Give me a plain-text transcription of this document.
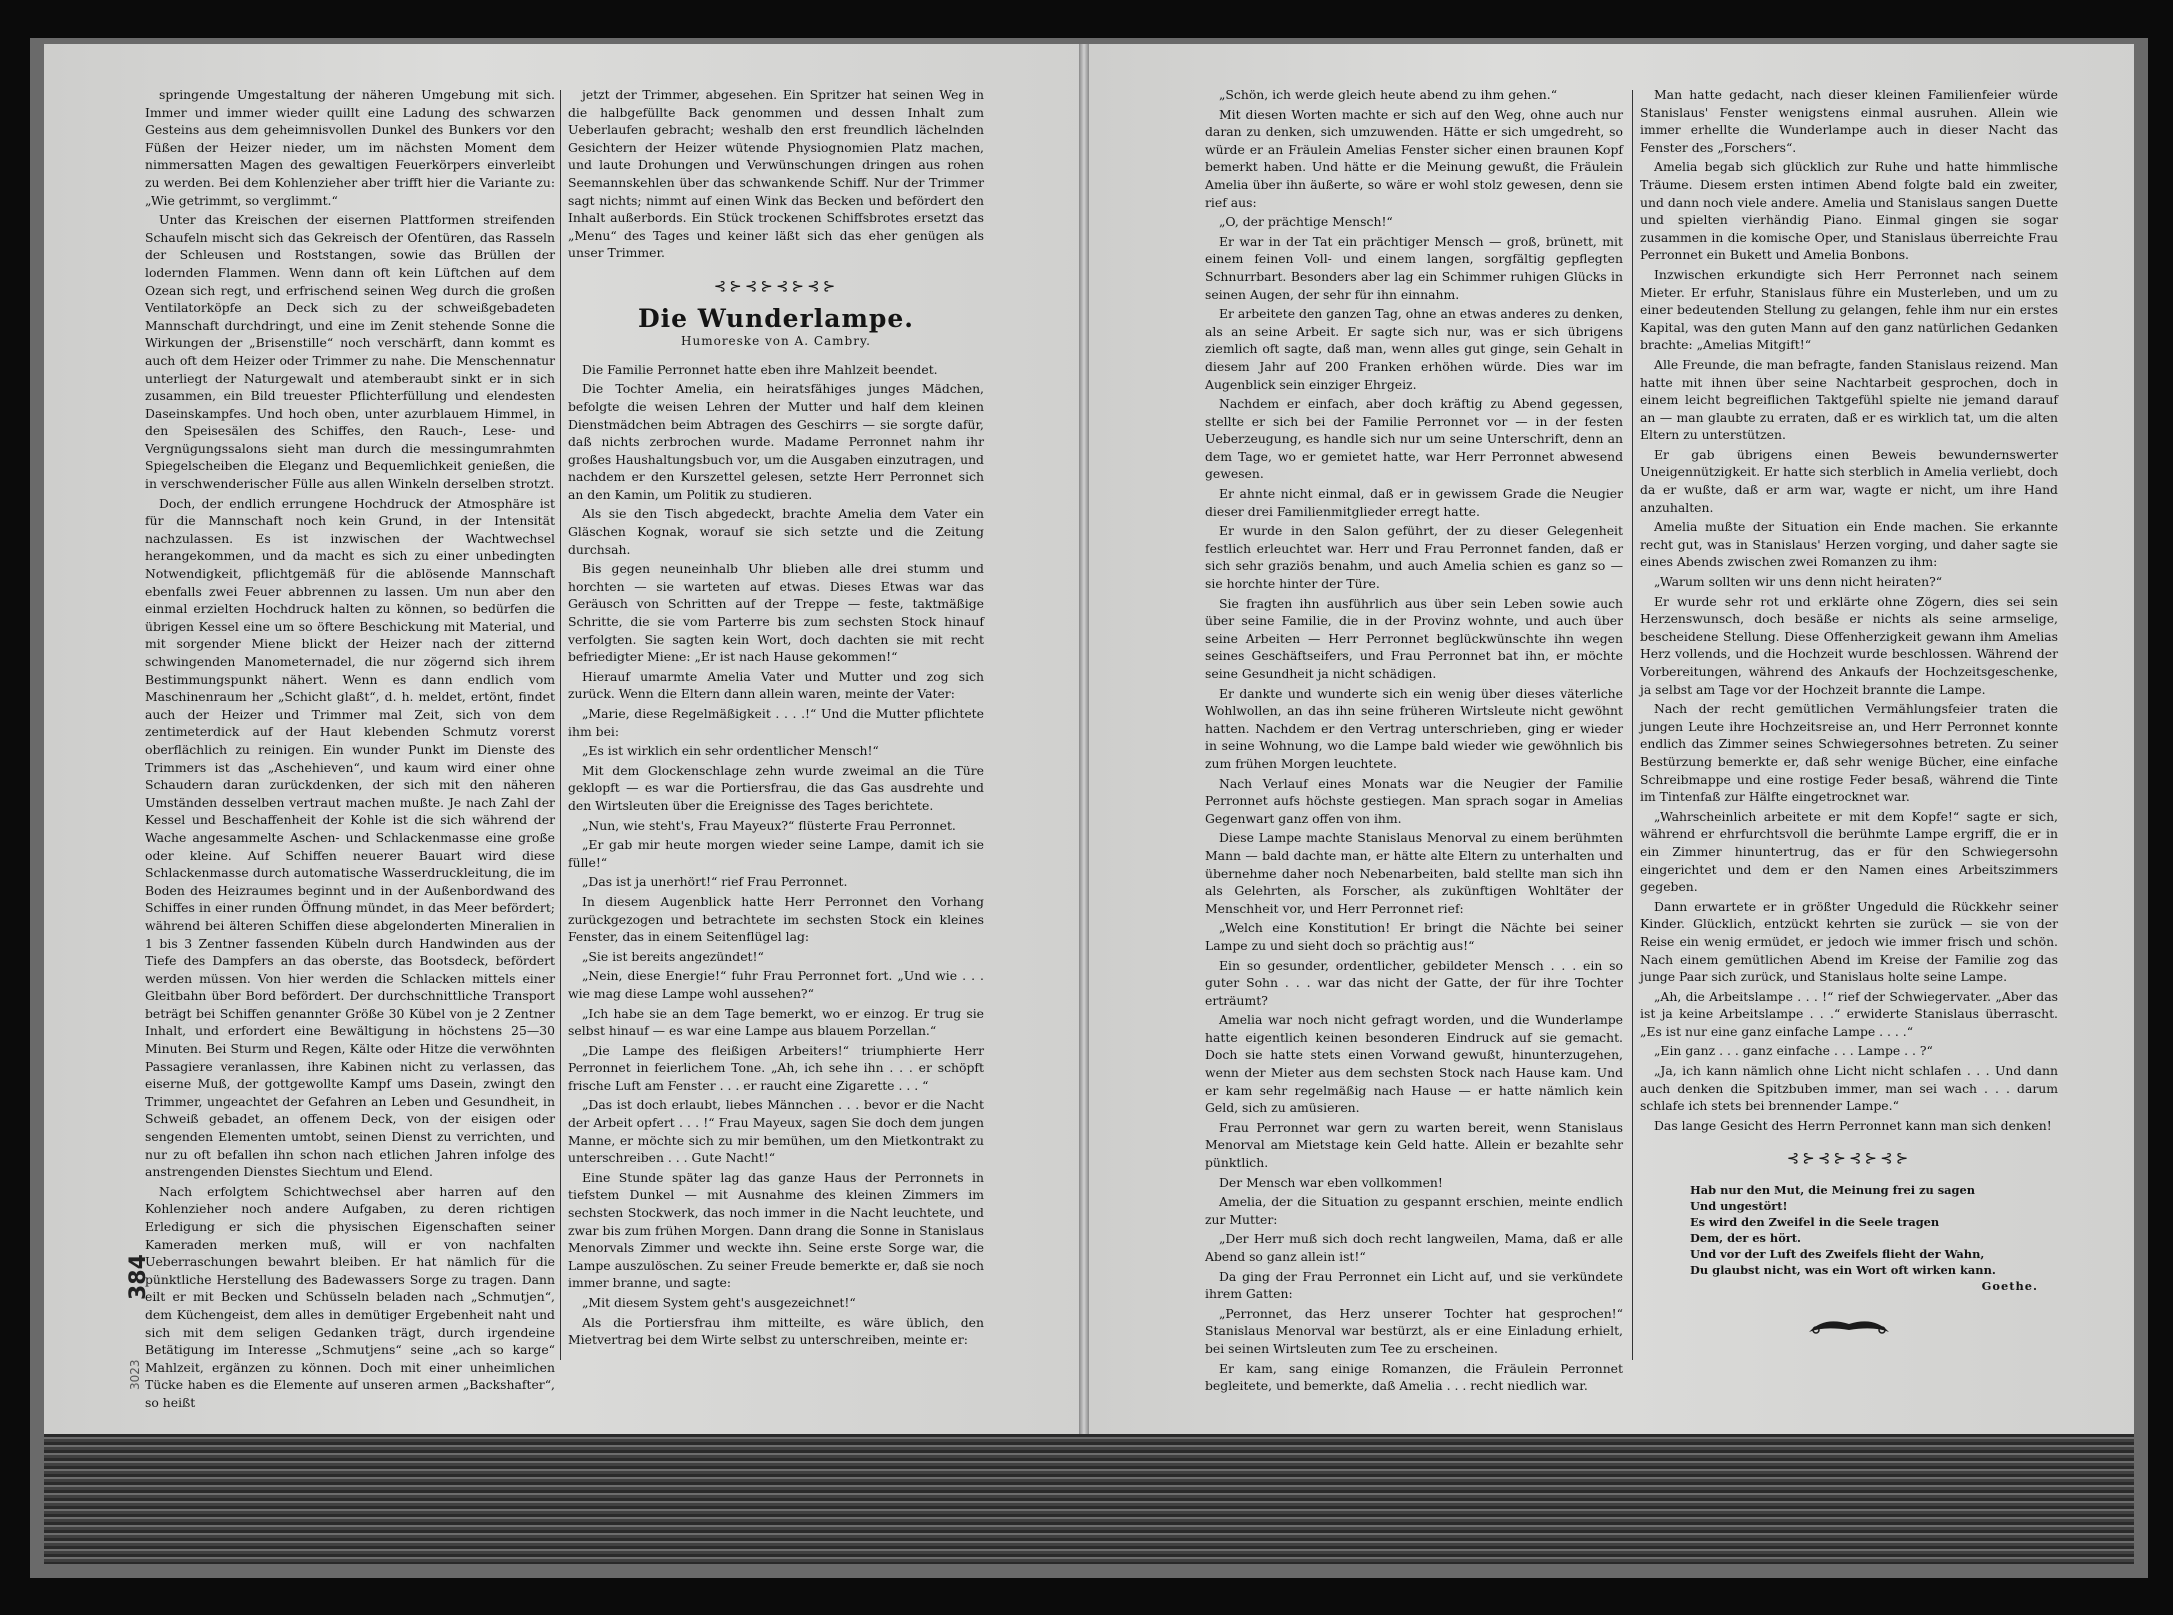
384
3023

springende Umgestaltung der näheren Umgebung mit sich. Immer und immer wieder quillt eine Ladung des schwarzen Gesteins aus dem geheimnisvollen Dunkel des Bunkers vor den Füßen der Heizer nieder, um im nächsten Moment dem nimmersatten Magen des gewaltigen Feuerkörpers einverleibt zu werden. Bei dem Kohlenzieher aber trifft hier die Variante zu: „Wie getrimmt, so verglimmt.“

Unter das Kreischen der eisernen Plattformen streifenden Schaufeln mischt sich das Gekreisch der Ofentüren, das Rasseln der Schleusen und Roststangen, sowie das Brüllen der lodernden Flammen. Wenn dann oft kein Lüftchen auf dem Ozean sich regt, und erfrischend seinen Weg durch die großen Ventilatorköpfe an Deck sich zu der schweißgebadeten Mannschaft durchdringt, und eine im Zenit stehende Sonne die Wirkungen der „Brisenstille“ noch verschärft, dann kommt es auch oft dem Heizer oder Trimmer zu nahe. Die Menschennatur unterliegt der Naturgewalt und atemberaubt sinkt er in sich zusammen, ein Bild treuester Pflichterfüllung und elendesten Daseinskampfes. Und hoch oben, unter azurblauem Himmel, in den Speisesälen des Schiffes, den Rauch-, Lese- und Vergnügungssalons sieht man durch die messingumrahmten Spiegelscheiben die Eleganz und Bequemlichkeit genießen, die in verschwenderischer Fülle aus allen Winkeln derselben strotzt.

Doch, der endlich errungene Hochdruck der Atmosphäre ist für die Mannschaft noch kein Grund, in der Intensität nachzulassen. Es ist inzwischen der Wachtwechsel herangekommen, und da macht es sich zu einer unbedingten Notwendigkeit, pflichtgemäß für die ablösende Mannschaft ebenfalls zwei Feuer abbrennen zu lassen. Um nun aber den einmal erzielten Hochdruck halten zu können, so bedürfen die übrigen Kessel eine um so öftere Beschickung mit Material, und mit sorgender Miene blickt der Heizer nach der zitternd schwingenden Manometernadel, die nur zögernd sich ihrem Bestimmungspunkt nähert. Wenn es dann endlich vom Maschinenraum her „Schicht glaßt“, d. h. meldet, ertönt, findet auch der Heizer und Trimmer mal Zeit, sich von dem zentimeterdick auf der Haut klebenden Schmutz vorerst oberflächlich zu reinigen. Ein wunder Punkt im Dienste des Trimmers ist das „Aschehieven“, und kaum wird einer ohne Schaudern daran zurückdenken, der sich mit den näheren Umständen desselben vertraut machen mußte. Je nach Zahl der Kessel und Beschaffenheit der Kohle ist die sich während der Wache angesammelte Aschen- und Schlackenmasse eine große oder kleine. Auf Schiffen neuerer Bauart wird diese Schlackenmasse durch automatische Wasserdruckleitung, die im Boden des Heizraumes beginnt und in der Außenbordwand des Schiffes in einer runden Öffnung mündet, in das Meer befördert; während bei älteren Schiffen diese abgelonderten Mineralien in 1 bis 3 Zentner fassenden Kübeln durch Handwinden aus der Tiefe des Dampfers an das oberste, das Bootsdeck, befördert werden müssen. Von hier werden die Schlacken mittels einer Gleitbahn über Bord befördert. Der durchschnittliche Transport beträgt bei Schiffen genannter Größe 30 Kübel von je 2 Zentner Inhalt, und erfordert eine Bewältigung in höchstens 25—30 Minuten. Bei Sturm und Regen, Kälte oder Hitze die verwöhnten Passagiere veranlassen, ihre Kabinen nicht zu verlassen, das eiserne Muß, der gottgewollte Kampf ums Dasein, zwingt den Trimmer, ungeachtet der Gefahren an Leben und Gesundheit, in Schweiß gebadet, an offenem Deck, von der eisigen oder sengenden Elementen umtobt, seinen Dienst zu verrichten, und nur zu oft befallen ihn schon nach etlichen Jahren infolge des anstrengenden Dienstes Siechtum und Elend.

Nach erfolgtem Schichtwechsel aber harren auf den Kohlenzieher noch andere Aufgaben, zu deren richtigen Erledigung er sich die physischen Eigenschaften seiner Kameraden merken muß, will er von nachfalten Ueberraschungen bewahrt bleiben. Er hat nämlich für die pünktliche Herstellung des Badewassers Sorge zu tragen. Dann eilt er mit Becken und Schüsseln beladen nach „Schmutjen“, dem Küchengeist, dem alles in demütiger Ergebenheit naht und sich mit dem seligen Gedanken trägt, durch irgendeine Betätigung im Interesse „Schmutjens“ seine „ach so karge“ Mahlzeit, ergänzen zu können. Doch mit einer unheimlichen Tücke haben es die Elemente auf unseren armen „Backshafter“, so heißt

jetzt der Trimmer, abgesehen. Ein Spritzer hat seinen Weg in die halbgefüllte Back genommen und dessen Inhalt zum Ueberlaufen gebracht; weshalb den erst freundlich lächelnden Gesichtern der Heizer wütende Physiognomien Platz machen, und laute Drohungen und Verwünschungen dringen aus rohen Seemannskehlen über das schwankende Schiff. Nur der Trimmer sagt nichts; nimmt auf einen Wink das Becken und befördert den Inhalt außerbords. Ein Stück trockenen Schiffsbrotes ersetzt das „Menu“ des Tages und keiner läßt sich das eher genügen als unser Trimmer.

⊰⊱⊰⊱⊰⊱⊰⊱
Die Wunderlampe.
Humoreske von A. Cambry.

Die Familie Perronnet hatte eben ihre Mahlzeit beendet.

Die Tochter Amelia, ein heiratsfähiges junges Mädchen, befolgte die weisen Lehren der Mutter und half dem kleinen Dienstmädchen beim Abtragen des Geschirrs — sie sorgte dafür, daß nichts zerbrochen wurde. Madame Perronnet nahm ihr großes Haushaltungsbuch vor, um die Ausgaben einzutragen, und nachdem er den Kurszettel gelesen, setzte Herr Perronnet sich an den Kamin, um Politik zu studieren.

Als sie den Tisch abgedeckt, brachte Amelia dem Vater ein Gläschen Kognak, worauf sie sich setzte und die Zeitung durchsah.

Bis gegen neuneinhalb Uhr blieben alle drei stumm und horchten — sie warteten auf etwas. Dieses Etwas war das Geräusch von Schritten auf der Treppe — feste, taktmäßige Schritte, die sie vom Parterre bis zum sechsten Stock hinauf verfolgten. Sie sagten kein Wort, doch dachten sie mit recht befriedigter Miene: „Er ist nach Hause gekommen!“

Hierauf umarmte Amelia Vater und Mutter und zog sich zurück. Wenn die Eltern dann allein waren, meinte der Vater:

„Marie, diese Regelmäßigkeit . . . .!“ Und die Mutter pflichtete ihm bei:

„Es ist wirklich ein sehr ordentlicher Mensch!“

Mit dem Glockenschlage zehn wurde zweimal an die Türe geklopft — es war die Portiersfrau, die das Gas ausdrehte und den Wirtsleuten über die Ereignisse des Tages berichtete.

„Nun, wie steht's, Frau Mayeux?“ flüsterte Frau Perronnet.

„Er gab mir heute morgen wieder seine Lampe, damit ich sie fülle!“

„Das ist ja unerhört!“ rief Frau Perronnet.

In diesem Augenblick hatte Herr Perronnet den Vorhang zurückgezogen und betrachtete im sechsten Stock ein kleines Fenster, das in einem Seitenflügel lag:

„Sie ist bereits angezündet!“

„Nein, diese Energie!“ fuhr Frau Perronnet fort. „Und wie . . . wie mag diese Lampe wohl aussehen?“

„Ich habe sie an dem Tage bemerkt, wo er einzog. Er trug sie selbst hinauf — es war eine Lampe aus blauem Porzellan.“

„Die Lampe des fleißigen Arbeiters!“ triumphierte Herr Perronnet in feierlichem Tone. „Ah, ich sehe ihn . . . er schöpft frische Luft am Fenster . . . er raucht eine Zigarette . . . “

„Das ist doch erlaubt, liebes Männchen . . . bevor er die Nacht der Arbeit opfert . . . !“ Frau Mayeux, sagen Sie doch dem jungen Manne, er möchte sich zu mir bemühen, um den Mietkontrakt zu unterschreiben . . . Gute Nacht!“

Eine Stunde später lag das ganze Haus der Perronnets in tiefstem Dunkel — mit Ausnahme des kleinen Zimmers im sechsten Stockwerk, das noch immer in die Nacht leuchtete, und zwar bis zum frühen Morgen. Dann drang die Sonne in Stanislaus Menorvals Zimmer und weckte ihn. Seine erste Sorge war, die Lampe auszulöschen. Zu seiner Freude bemerkte er, daß sie noch immer branne, und sagte:

„Mit diesem System geht's ausgezeichnet!“

Als die Portiersfrau ihm mitteilte, es wäre üblich, den Mietvertrag bei dem Wirte selbst zu unterschreiben, meinte er:

„Schön, ich werde gleich heute abend zu ihm gehen.“

Mit diesen Worten machte er sich auf den Weg, ohne auch nur daran zu denken, sich umzuwenden. Hätte er sich umgedreht, so würde er an Fräulein Amelias Fenster sicher einen braunen Kopf bemerkt haben. Und hätte er die Meinung gewußt, die Fräulein Amelia über ihn äußerte, so wäre er wohl stolz gewesen, denn sie rief aus:

„O, der prächtige Mensch!“

Er war in der Tat ein prächtiger Mensch — groß, brünett, mit einem feinen Voll- und einem langen, sorgfältig gepflegten Schnurrbart. Besonders aber lag ein Schimmer ruhigen Glücks in seinen Augen, der sehr für ihn einnahm.

Er arbeitete den ganzen Tag, ohne an etwas anderes zu denken, als an seine Arbeit. Er sagte sich nur, was er sich übrigens ziemlich oft sagte, daß man, wenn alles gut ginge, sein Gehalt in diesem Jahr auf 200 Franken erhöhen würde. Dies war im Augenblick sein einziger Ehrgeiz.

Nachdem er einfach, aber doch kräftig zu Abend gegessen, stellte er sich bei der Familie Perronnet vor — in der festen Ueberzeugung, es handle sich nur um seine Unterschrift, denn an dem Tage, wo er gemietet hatte, war Herr Perronnet abwesend gewesen.

Er ahnte nicht einmal, daß er in gewissem Grade die Neugier dieser drei Familienmitglieder erregt hatte.

Er wurde in den Salon geführt, der zu dieser Gelegenheit festlich erleuchtet war. Herr und Frau Perronnet fanden, daß er sich sehr graziös benahm, und auch Amelia schien es ganz so — sie horchte hinter der Türe.

Sie fragten ihn ausführlich aus über sein Leben sowie auch über seine Familie, die in der Provinz wohnte, und auch über seine Arbeiten — Herr Perronnet beglückwünschte ihn wegen seines Geschäftseifers, und Frau Perronnet bat ihn, er möchte seine Gesundheit ja nicht schädigen.

Er dankte und wunderte sich ein wenig über dieses väterliche Wohlwollen, an das ihn seine früheren Wirtsleute nicht gewöhnt hatten. Nachdem er den Vertrag unterschrieben, ging er wieder in seine Wohnung, wo die Lampe bald wieder wie gewöhnlich bis zum frühen Morgen leuchtete.

Nach Verlauf eines Monats war die Neugier der Familie Perronnet aufs höchste gestiegen. Man sprach sogar in Amelias Gegenwart ganz offen von ihm.

Diese Lampe machte Stanislaus Menorval zu einem berühmten Mann — bald dachte man, er hätte alte Eltern zu unterhalten und übernehme daher noch Nebenarbeiten, bald stellte man sich ihn als Gelehrten, als Forscher, als zukünftigen Wohltäter der Menschheit vor, und Herr Perronnet rief:

„Welch eine Konstitution! Er bringt die Nächte bei seiner Lampe zu und sieht doch so prächtig aus!“

Ein so gesunder, ordentlicher, gebildeter Mensch . . . ein so guter Sohn . . . war das nicht der Gatte, der für ihre Tochter erträumt?

Amelia war noch nicht gefragt worden, und die Wunderlampe hatte eigentlich keinen besonderen Eindruck auf sie gemacht. Doch sie hatte stets einen Vorwand gewußt, hinunterzugehen, wenn der Mieter aus dem sechsten Stock nach Hause kam. Und er kam sehr regelmäßig nach Hause — er hatte nämlich kein Geld, sich zu amüsieren.

Frau Perronnet war gern zu warten bereit, wenn Stanislaus Menorval am Mietstage kein Geld hatte. Allein er bezahlte sehr pünktlich.

Der Mensch war eben vollkommen!

Amelia, der die Situation zu gespannt erschien, meinte endlich zur Mutter:

„Der Herr muß sich doch recht langweilen, Mama, daß er alle Abend so ganz allein ist!“

Da ging der Frau Perronnet ein Licht auf, und sie verkündete ihrem Gatten:

„Perronnet, das Herz unserer Tochter hat gesprochen!“ Stanislaus Menorval war bestürzt, als er eine Einladung erhielt, bei seinen Wirtsleuten zum Tee zu erscheinen.

Er kam, sang einige Romanzen, die Fräulein Perronnet begleitete, und bemerkte, daß Amelia . . . recht niedlich war.

Man hatte gedacht, nach dieser kleinen Familienfeier würde Stanislaus' Fenster wenigstens einmal ausruhen. Allein wie immer erhellte die Wunderlampe auch in dieser Nacht das Fenster des „Forschers“.

Amelia begab sich glücklich zur Ruhe und hatte himmlische Träume. Diesem ersten intimen Abend folgte bald ein zweiter, und dann noch viele andere. Amelia und Stanislaus sangen Duette und spielten vierhändig Piano. Einmal gingen sie sogar zusammen in die komische Oper, und Stanislaus überreichte Frau Perronnet ein Bukett und Amelia Bonbons.

Inzwischen erkundigte sich Herr Perronnet nach seinem Mieter. Er erfuhr, Stanislaus führe ein Musterleben, und um zu einer bedeutenden Stellung zu gelangen, fehle ihm nur ein erstes Kapital, was den guten Mann auf den ganz natürlichen Gedanken brachte: „Amelias Mitgift!“

Alle Freunde, die man befragte, fanden Stanislaus reizend. Man hatte mit ihnen über seine Nachtarbeit gesprochen, doch in einem leicht begreiflichen Taktgefühl spielte nie jemand darauf an — man glaubte zu erraten, daß er es wirklich tat, um die alten Eltern zu unterstützen.

Er gab übrigens einen Beweis bewundernswerter Uneigennützigkeit. Er hatte sich sterblich in Amelia verliebt, doch da er wußte, daß er arm war, wagte er nicht, um ihre Hand anzuhalten.

Amelia mußte der Situation ein Ende machen. Sie erkannte recht gut, was in Stanislaus' Herzen vorging, und daher sagte sie eines Abends zwischen zwei Romanzen zu ihm:

„Warum sollten wir uns denn nicht heiraten?“

Er wurde sehr rot und erklärte ohne Zögern, dies sei sein Herzenswunsch, doch besäße er nichts als seine armselige, bescheidene Stellung. Diese Offenherzigkeit gewann ihm Amelias Herz vollends, und die Hochzeit wurde beschlossen. Während der Vorbereitungen, während des Ankaufs der Hochzeitsgeschenke, ja selbst am Tage vor der Hochzeit brannte die Lampe.

Nach der recht gemütlichen Vermählungsfeier traten die jungen Leute ihre Hochzeitsreise an, und Herr Perronnet konnte endlich das Zimmer seines Schwiegersohnes betreten. Zu seiner Bestürzung bemerkte er, daß sehr wenige Bücher, eine einfache Schreibmappe und eine rostige Feder besaß, während die Tinte im Tintenfaß zur Hälfte eingetrocknet war.

„Wahrscheinlich arbeitete er mit dem Kopfe!“ sagte er sich, während er ehrfurchtsvoll die berühmte Lampe ergriff, die er in ein Zimmer hinuntertrug, das er für den Schwiegersohn eingerichtet und dem er den Namen eines Arbeitszimmers gegeben.

Dann erwartete er in größter Ungeduld die Rückkehr seiner Kinder. Glücklich, entzückt kehrten sie zurück — sie von der Reise ein wenig ermüdet, er jedoch wie immer frisch und schön. Nach einem gemütlichen Abend im Kreise der Familie zog das junge Paar sich zurück, und Stanislaus holte seine Lampe.

„Ah, die Arbeitslampe . . . !“ rief der Schwiegervater. „Aber das ist ja keine Arbeitslampe . . .“ erwiderte Stanislaus überrascht. „Es ist nur eine ganz einfache Lampe . . . .“

„Ein ganz . . . ganz einfache . . . Lampe . . ?“

„Ja, ich kann nämlich ohne Licht nicht schlafen . . . Und dann auch denken die Spitzbuben immer, man sei wach . . . darum schlafe ich stets bei brennender Lampe.“

Das lange Gesicht des Herrn Perronnet kann man sich denken!

⊰⊱⊰⊱⊰⊱⊰⊱
Hab nur den Mut, die Meinung frei zu sagen
Und ungestört!
Es wird den Zweifel in die Seele tragen
Dem, der es hört.
Und vor der Luft des Zweifels flieht der Wahn,
Du glaubst nicht, was ein Wort oft wirken kann.
Goethe.
